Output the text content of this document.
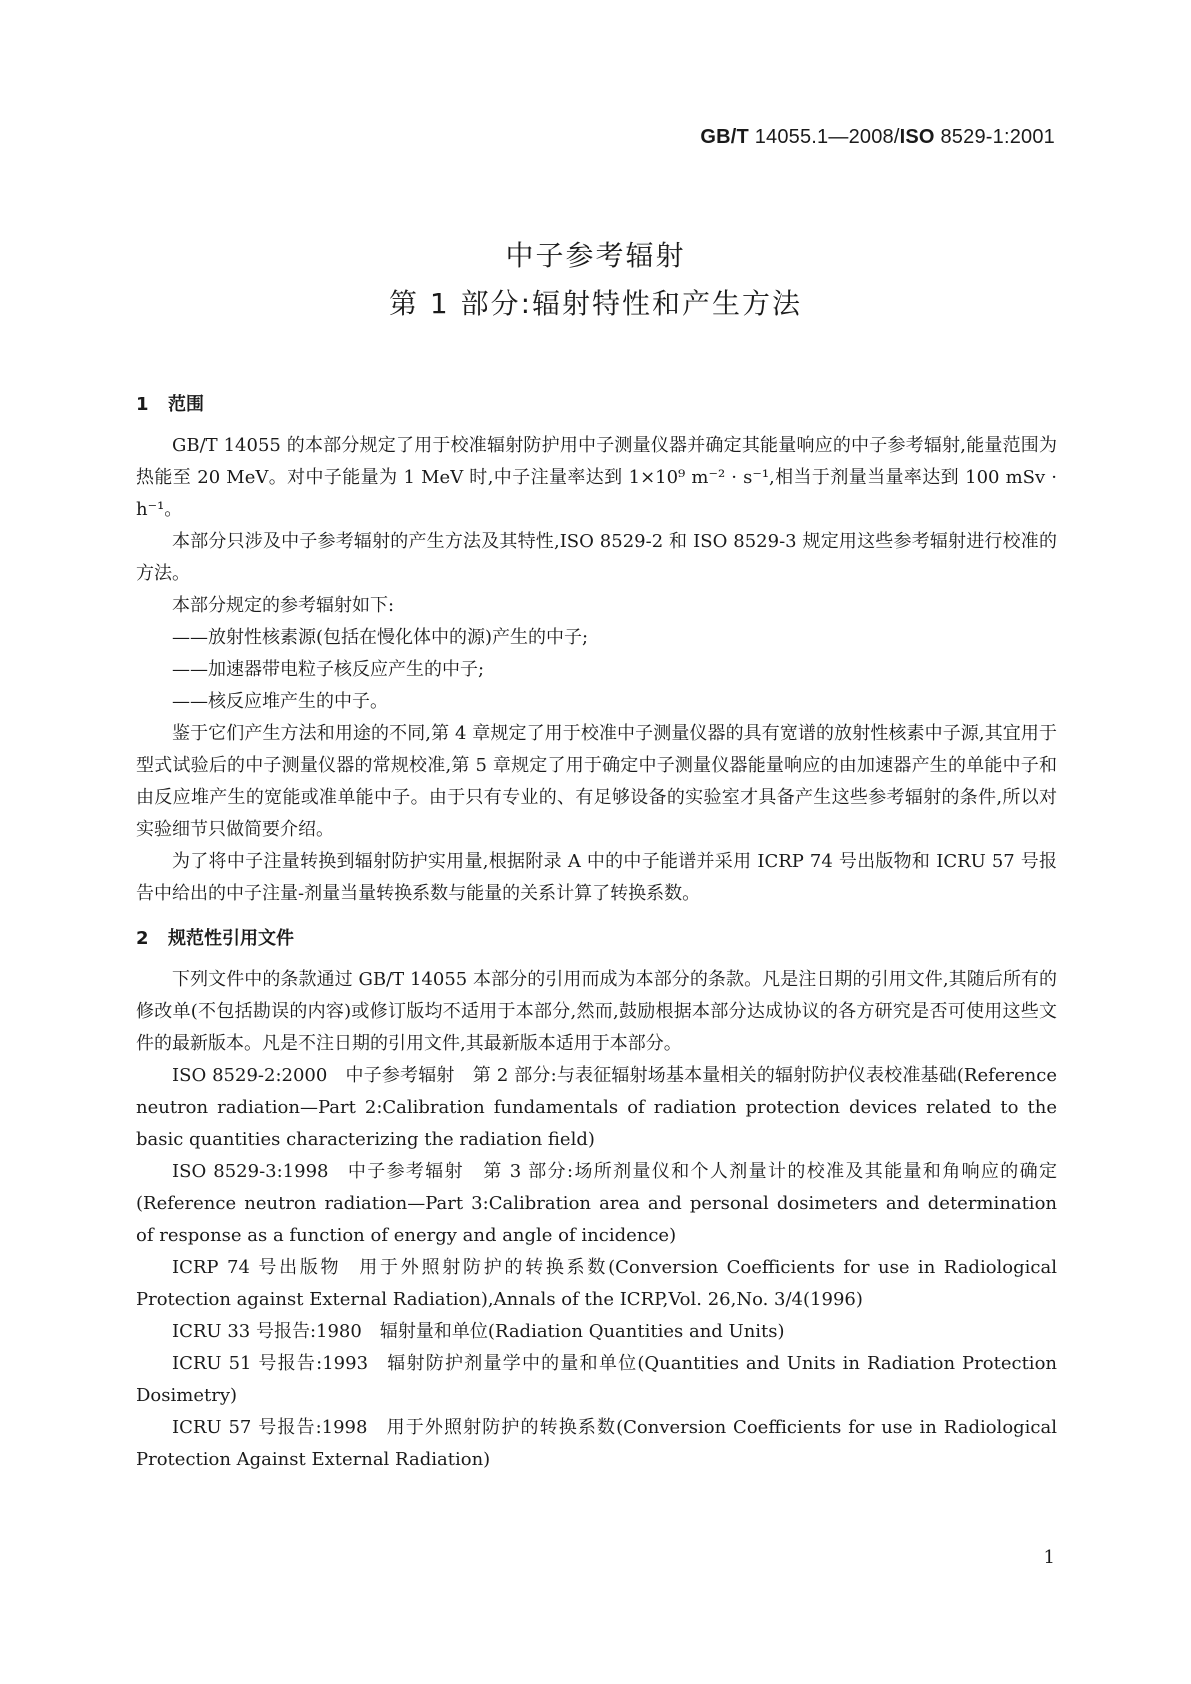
GB/T 14055.1—2008/ISO 8529-1:2001
中子参考辐射
第 1 部分:辐射特性和产生方法
1 范围

GB/T 14055 的本部分规定了用于校准辐射防护用中子测量仪器并确定其能量响应的中子参考辐射,能量范围为热能至 20 MeV。对中子能量为 1 MeV 时,中子注量率达到 1×10⁹ m⁻² · s⁻¹,相当于剂量当量率达到 100 mSv · h⁻¹。

本部分只涉及中子参考辐射的产生方法及其特性,ISO 8529-2 和 ISO 8529-3 规定用这些参考辐射进行校准的方法。

本部分规定的参考辐射如下:

——放射性核素源(包括在慢化体中的源)产生的中子;

——加速器带电粒子核反应产生的中子;

——核反应堆产生的中子。

鉴于它们产生方法和用途的不同,第 4 章规定了用于校准中子测量仪器的具有宽谱的放射性核素中子源,其宜用于型式试验后的中子测量仪器的常规校准,第 5 章规定了用于确定中子测量仪器能量响应的由加速器产生的单能中子和由反应堆产生的宽能或准单能中子。由于只有专业的、有足够设备的实验室才具备产生这些参考辐射的条件,所以对实验细节只做简要介绍。

为了将中子注量转换到辐射防护实用量,根据附录 A 中的中子能谱并采用 ICRP 74 号出版物和 ICRU 57 号报告中给出的中子注量-剂量当量转换系数与能量的关系计算了转换系数。

2 规范性引用文件

下列文件中的条款通过 GB/T 14055 本部分的引用而成为本部分的条款。凡是注日期的引用文件,其随后所有的修改单(不包括勘误的内容)或修订版均不适用于本部分,然而,鼓励根据本部分达成协议的各方研究是否可使用这些文件的最新版本。凡是不注日期的引用文件,其最新版本适用于本部分。

ISO 8529-2:2000 中子参考辐射　第 2 部分:与表征辐射场基本量相关的辐射防护仪表校准基础(Reference neutron radiation—Part 2:Calibration fundamentals of radiation protection devices related to the basic quantities characterizing the radiation field)

ISO 8529-3:1998 中子参考辐射　第 3 部分:场所剂量仪和个人剂量计的校准及其能量和角响应的确定(Reference neutron radiation—Part 3:Calibration area and personal dosimeters and determination of response as a function of energy and angle of incidence)

ICRP 74 号出版物 用于外照射防护的转换系数(Conversion Coefficients for use in Radiological Protection against External Radiation),Annals of the ICRP,Vol. 26,No. 3/4(1996)

ICRU 33 号报告:1980 辐射量和单位(Radiation Quantities and Units)

ICRU 51 号报告:1993 辐射防护剂量学中的量和单位(Quantities and Units in Radiation Protection Dosimetry)

ICRU 57 号报告:1998 用于外照射防护的转换系数(Conversion Coefficients for use in Radiological Protection Against External Radiation)

1
